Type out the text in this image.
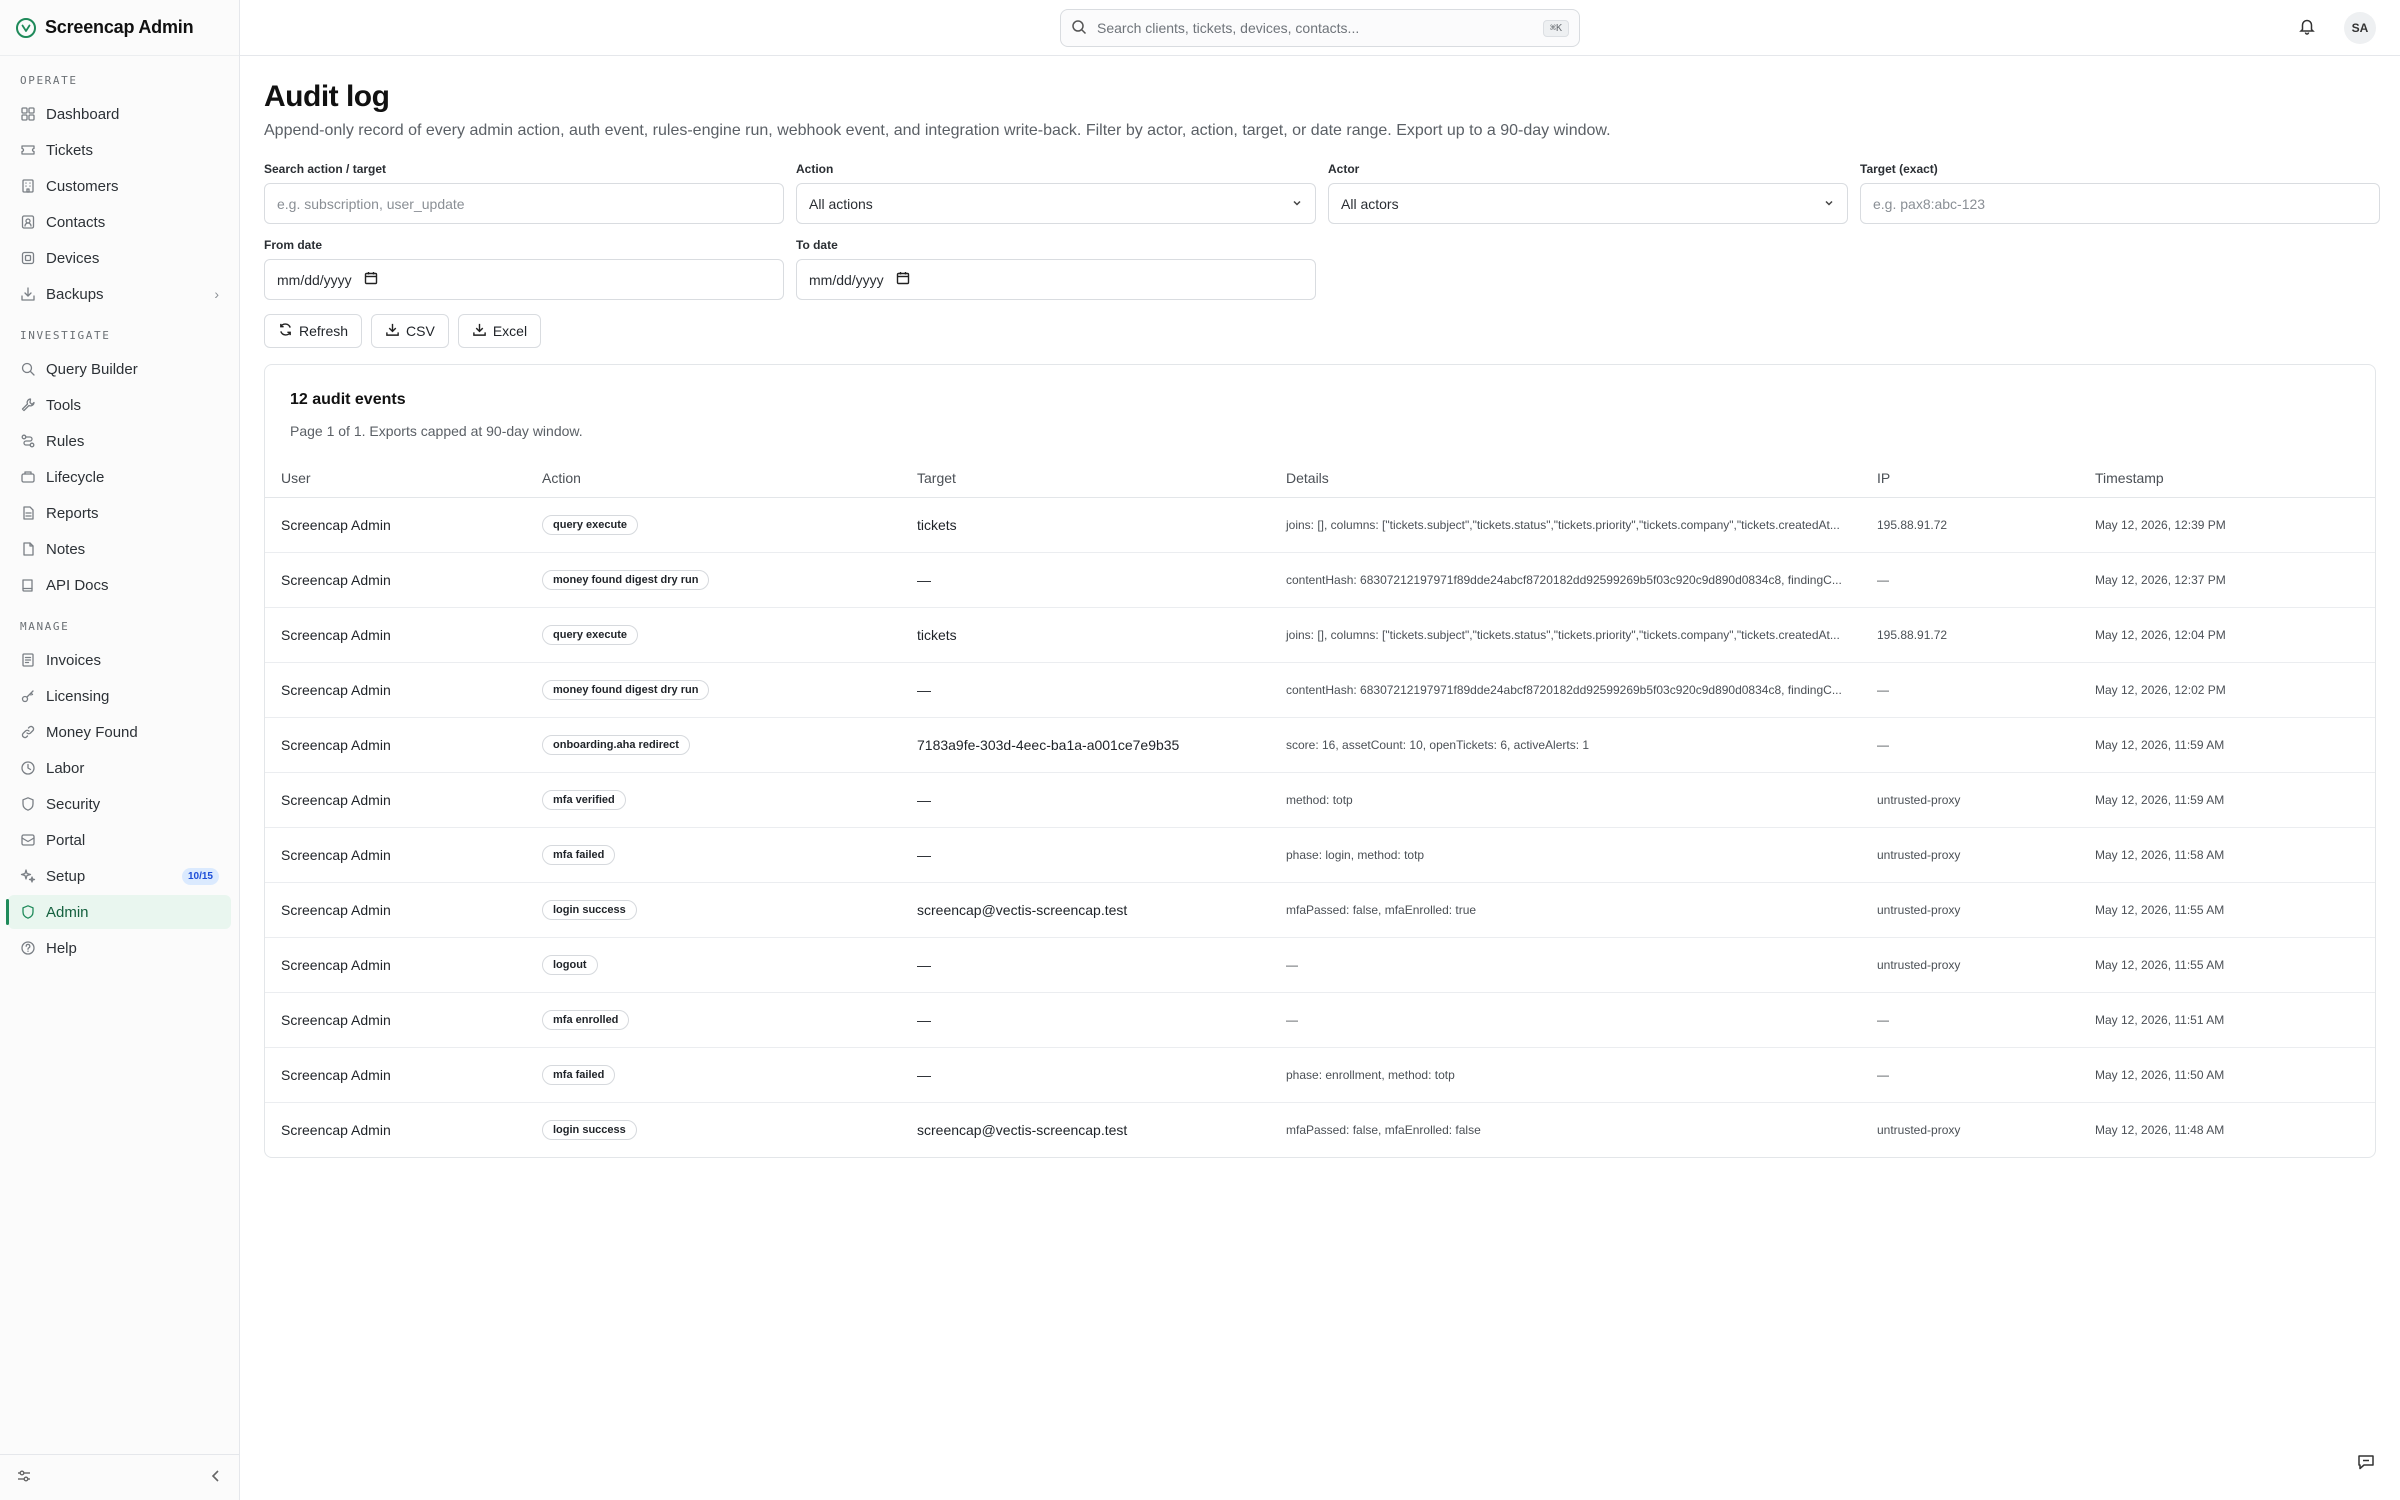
Screencap Admin
OPERATE
Dashboard
Tickets
Customers
Contacts
Devices
Backups	›
INVESTIGATE
Query Builder
Tools
Rules
Lifecycle
Reports
Notes
API Docs
MANAGE
Invoices
Licensing
Money Found
Labor
Security
Portal
Setup	10/15
Admin
Help
Search clients, tickets, devices, contacts...
⌘K	SA
Audit log

Append-only record of every admin action, auth event, rules-engine run, webhook event, and integration write-back. Filter by actor, action, target, or date range. Export up to a 90-day window.

Search action / target
e.g. subscription, user_update
Action
All actions
Actor
All actors
Target (exact)
e.g. pax8:abc-123
From date
mm/dd/yyyy
To date
mm/dd/yyyy
Refresh	CSV	Excel
12 audit events
Page 1 of 1. Exports capped at 90-day window.
User	Action	Target	Details	IP	Timestamp
Screencap Admin	query execute	tickets	joins: [], columns: ["tickets.subject","tickets.status","tickets.priority","tickets.company","tickets.createdAt...	195.88.91.72	May 12, 2026, 12:39 PM
Screencap Admin	money found digest dry run	—	contentHash: 68307212197971f89dde24abcf8720182dd92599269b5f03c920c9d890d0834c8, findingC...	—	May 12, 2026, 12:37 PM
Screencap Admin	query execute	tickets	joins: [], columns: ["tickets.subject","tickets.status","tickets.priority","tickets.company","tickets.createdAt...	195.88.91.72	May 12, 2026, 12:04 PM
Screencap Admin	money found digest dry run	—	contentHash: 68307212197971f89dde24abcf8720182dd92599269b5f03c920c9d890d0834c8, findingC...	—	May 12, 2026, 12:02 PM
Screencap Admin	onboarding.aha redirect	7183a9fe-303d-4eec-ba1a-a001ce7e9b35	score: 16, assetCount: 10, openTickets: 6, activeAlerts: 1	—	May 12, 2026, 11:59 AM
Screencap Admin	mfa verified	—	method: totp	untrusted-proxy	May 12, 2026, 11:59 AM
Screencap Admin	mfa failed	—	phase: login, method: totp	untrusted-proxy	May 12, 2026, 11:58 AM
Screencap Admin	login success	screencap@vectis-screencap.test	mfaPassed: false, mfaEnrolled: true	untrusted-proxy	May 12, 2026, 11:55 AM
Screencap Admin	logout	—	—	untrusted-proxy	May 12, 2026, 11:55 AM
Screencap Admin	mfa enrolled	—	—	—	May 12, 2026, 11:51 AM
Screencap Admin	mfa failed	—	phase: enrollment, method: totp	—	May 12, 2026, 11:50 AM
Screencap Admin	login success	screencap@vectis-screencap.test	mfaPassed: false, mfaEnrolled: false	untrusted-proxy	May 12, 2026, 11:48 AM
